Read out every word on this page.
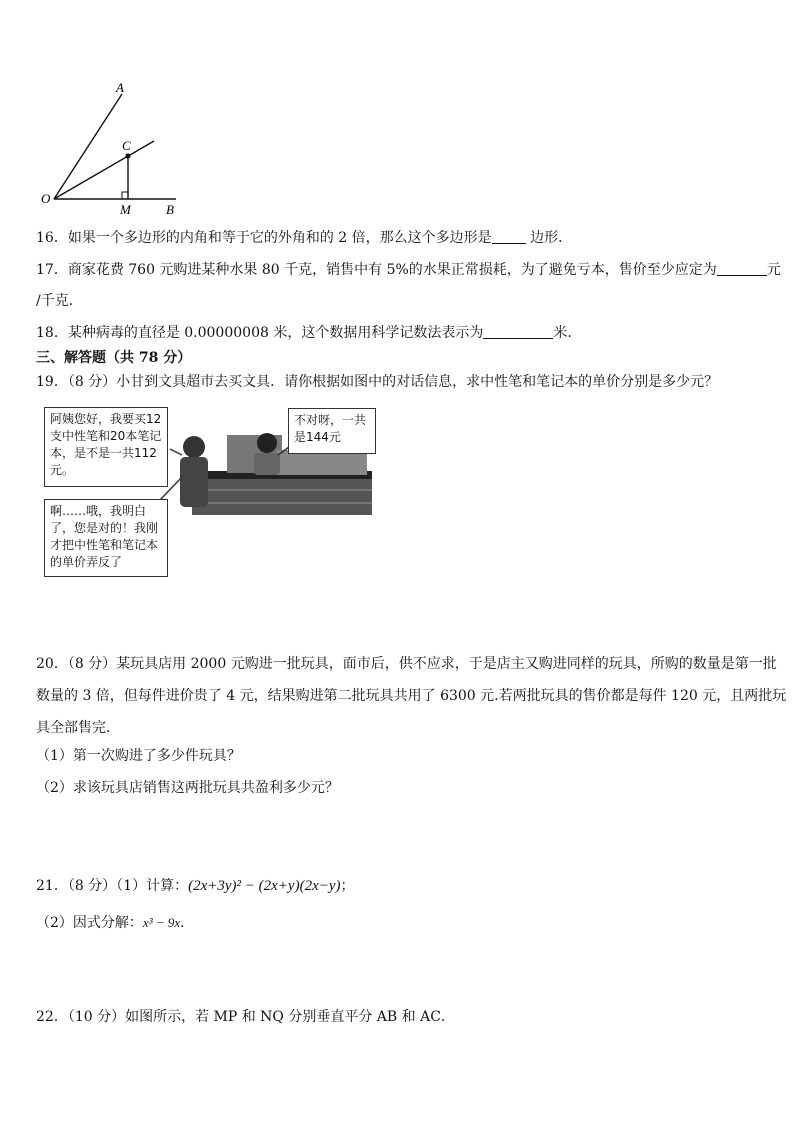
A
C
O
M	B
16．如果一个多边形的内角和等于它的外角和的 2 倍，那么这个多边形是	边形．
17．商家花费 760 元购进某种水果 80 千克，销售中有 5%的水果正常损耗，为了避免亏本，售价至少应定为	元
/千克．
18．某种病毒的直径是 0.00000008 米，这个数据用科学记数法表示为	米．
三、解答题（共 78 分）
19．（8 分）小甘到文具超市去买文具．请你根据如图中的对话信息，求中性笔和笔记本的单价分别是多少元？
阿姨您好，我要买12支中性笔和20本笔记本，是不是一共112元。
不对呀，一共是144元
啊……哦，我明白了，您是对的！我刚才把中性笔和笔记本的单价弄反了
20．（8 分）某玩具店用 2000 元购进一批玩具，面市后，供不应求，于是店主又购进同样的玩具，所购的数量是第一批
数量的 3 倍，但每件进价贵了 4 元，结果购进第二批玩具共用了 6300 元.若两批玩具的售价都是每件 120 元，且两批玩
具全部售完．
（1）第一次购进了多少件玩具？
（2）求该玩具店销售这两批玩具共盈利多少元？
21．（8 分）（1）计算：(2x+3y)² − (2x+y)(2x−y)；
（2）因式分解：x³ − 9x．
22．（10 分）如图所示，若 MP 和 NQ 分别垂直平分 AB 和 AC．
